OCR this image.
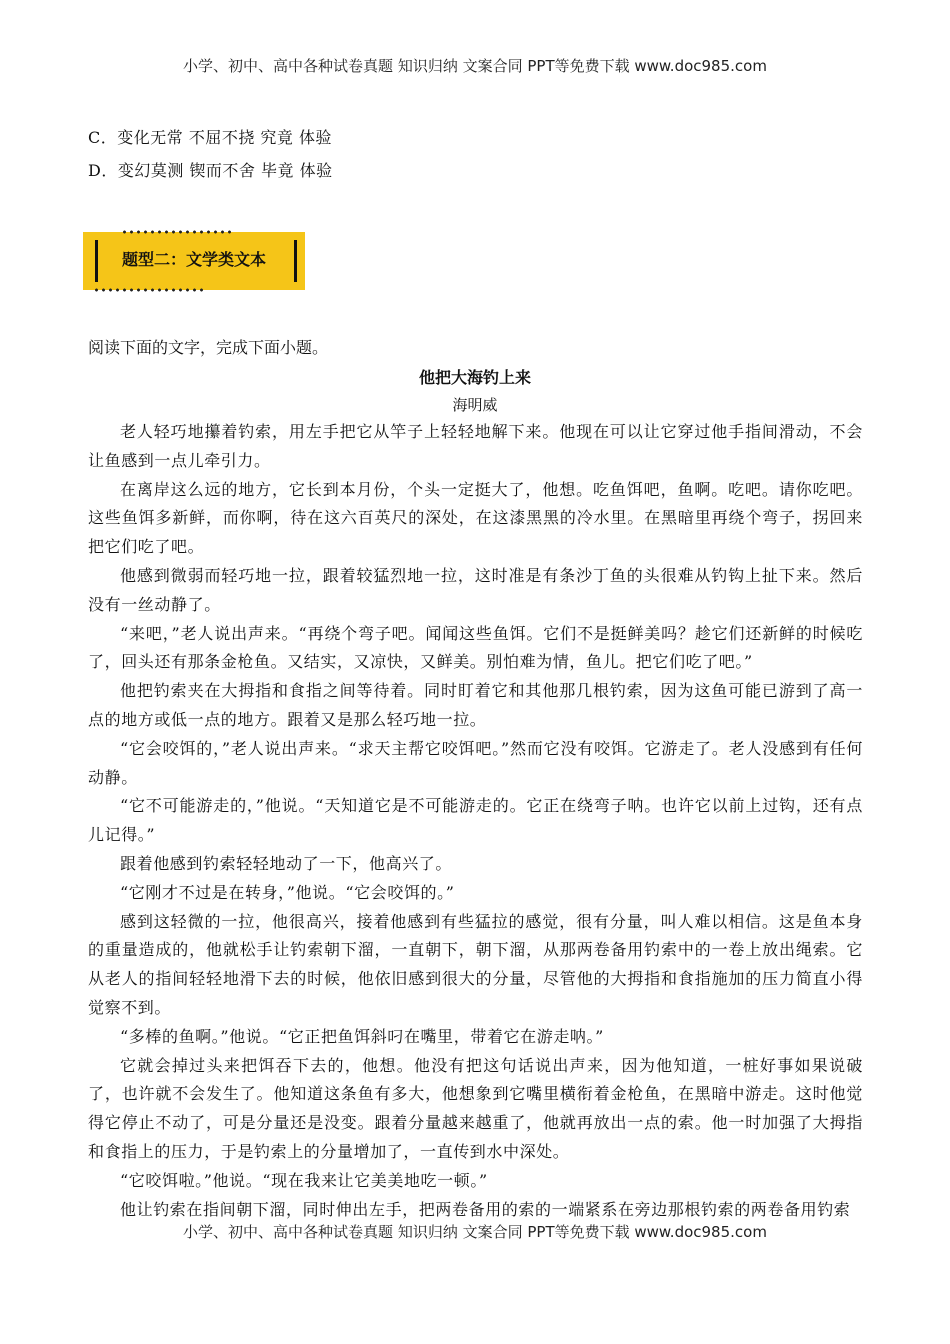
小学、初中、高中各种试卷真题 知识归纳 文案合同 PPT等免费下载 www.doc985.com
C．变化无常 不屈不挠 究竟 体验
D．变幻莫测 锲而不舍 毕竟 体验
题型二：文学类文本
阅读下面的文字，完成下面小题。
他把大海钓上来
海明威

老人轻巧地攥着钓索，用左手把它从竿子上轻轻地解下来。他现在可以让它穿过他手指间滑动，不会让鱼感到一点儿牵引力。

在离岸这么远的地方，它长到本月份，个头一定挺大了，他想。吃鱼饵吧，鱼啊。吃吧。请你吃吧。这些鱼饵多新鲜，而你啊，待在这六百英尺的深处，在这漆黑黑的冷水里。在黑暗里再绕个弯子，拐回来把它们吃了吧。

他感到微弱而轻巧地一拉，跟着较猛烈地一拉，这时准是有条沙丁鱼的头很难从钓钩上扯下来。然后没有一丝动静了。

“来吧，”老人说出声来。“再绕个弯子吧。闻闻这些鱼饵。它们不是挺鲜美吗？趁它们还新鲜的时候吃了，回头还有那条金枪鱼。又结实，又凉快，又鲜美。别怕难为情，鱼儿。把它们吃了吧。”

他把钓索夹在大拇指和食指之间等待着。同时盯着它和其他那几根钓索，因为这鱼可能已游到了高一点的地方或低一点的地方。跟着又是那么轻巧地一拉。

“它会咬饵的，”老人说出声来。“求天主帮它咬饵吧。”然而它没有咬饵。它游走了。老人没感到有任何动静。

“它不可能游走的，”他说。“天知道它是不可能游走的。它正在绕弯子呐。也许它以前上过钩，还有点儿记得。”

跟着他感到钓索轻轻地动了一下，他高兴了。

“它刚才不过是在转身，”他说。“它会咬饵的。”

感到这轻微的一拉，他很高兴，接着他感到有些猛拉的感觉，很有分量，叫人难以相信。这是鱼本身的重量造成的，他就松手让钓索朝下溜，一直朝下，朝下溜，从那两卷备用钓索中的一卷上放出绳索。它从老人的指间轻轻地滑下去的时候，他依旧感到很大的分量，尽管他的大拇指和食指施加的压力简直小得觉察不到。

“多棒的鱼啊。”他说。“它正把鱼饵斜叼在嘴里，带着它在游走呐。”

它就会掉过头来把饵吞下去的，他想。他没有把这句话说出声来，因为他知道，一桩好事如果说破了，也许就不会发生了。他知道这条鱼有多大，他想象到它嘴里横衔着金枪鱼，在黑暗中游走。这时他觉得它停止不动了，可是分量还是没变。跟着分量越来越重了，他就再放出一点的索。他一时加强了大拇指和食指上的压力，于是钓索上的分量增加了，一直传到水中深处。

“它咬饵啦。”他说。“现在我来让它美美地吃一顿。”

他让钓索在指间朝下溜，同时伸出左手，把两卷备用的索的一端紧系在旁边那根钓索的两卷备用钓索

小学、初中、高中各种试卷真题 知识归纳 文案合同 PPT等免费下载 www.doc985.com
